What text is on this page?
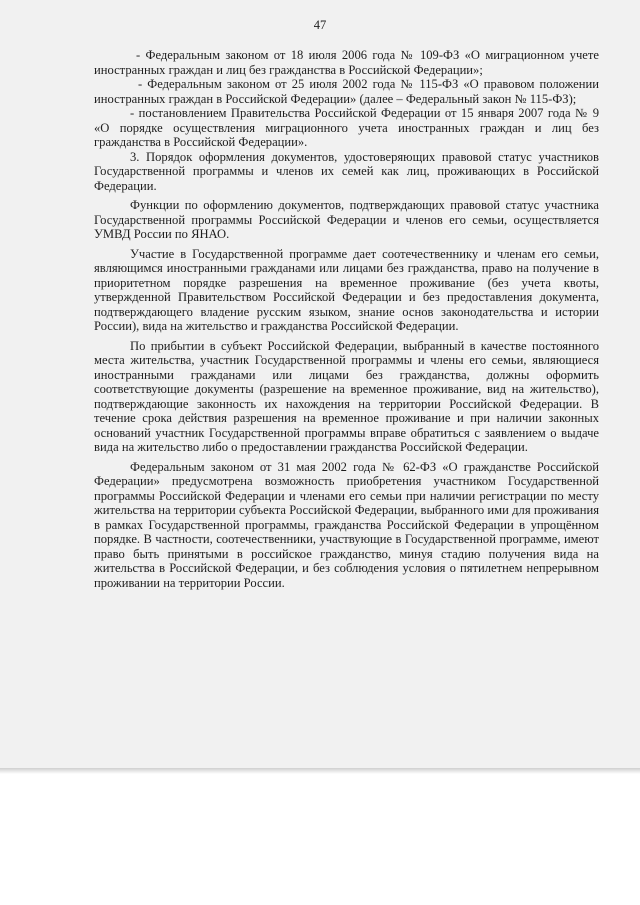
47

- Федеральным законом от 18 июля 2006 года № 109-ФЗ «О миграционном учете иностранных граждан и лиц без гражданства в Российской Федерации»;

- Федеральным законом от 25 июля 2002 года № 115-ФЗ «О правовом положении иностранных граждан в Российской Федерации» (далее – Федеральный закон № 115-ФЗ);

- постановлением Правительства Российской Федерации от 15 января 2007 года № 9 «О порядке осуществления миграционного учета иностранных граждан и лиц без гражданства в Российской Федерации».

3. Порядок оформления документов, удостоверяющих правовой статус участников Государственной программы и членов их семей как лиц, проживающих в Российской Федерации.

Функции по оформлению документов, подтверждающих правовой статус участника Государственной программы Российской Федерации и членов его семьи, осуществляется УМВД России по ЯНАО.

Участие в Государственной программе дает соотечественнику и членам его семьи, являющимся иностранными гражданами или лицами без гражданства, право на получение в приоритетном порядке разрешения на временное проживание (без учета квоты, утвержденной Правительством Российской Федерации и без предоставления документа, подтверждающего владение русским языком, знание основ законодательства и истории России), вида на жительство и гражданства Российской Федерации.

По прибытии в субъект Российской Федерации, выбранный в качестве постоянного места жительства, участник Государственной программы и члены его семьи, являющиеся иностранными гражданами или лицами без гражданства, должны оформить соответствующие документы (разрешение на временное проживание, вид на жительство), подтверждающие законность их нахождения на территории Российской Федерации. В течение срока действия разрешения на временное проживание и при наличии законных оснований участник Государственной программы вправе обратиться с заявлением о выдаче вида на жительство либо о предоставлении гражданства Российской Федерации.

Федеральным законом от 31 мая 2002 года № 62-ФЗ «О гражданстве Российской Федерации» предусмотрена возможность приобретения участником Государственной программы Российской Федерации и членами его семьи при наличии регистрации по месту жительства на территории субъекта Российской Федерации, выбранного ими для проживания в рамках Государственной программы, гражданства Российской Федерации в упрощённом порядке. В частности, соотечественники, участвующие в Государственной программе, имеют право быть принятыми в российское гражданство, минуя стадию получения вида на жительства в Российской Федерации, и без соблюдения условия о пятилетнем непрерывном проживании на территории России.
